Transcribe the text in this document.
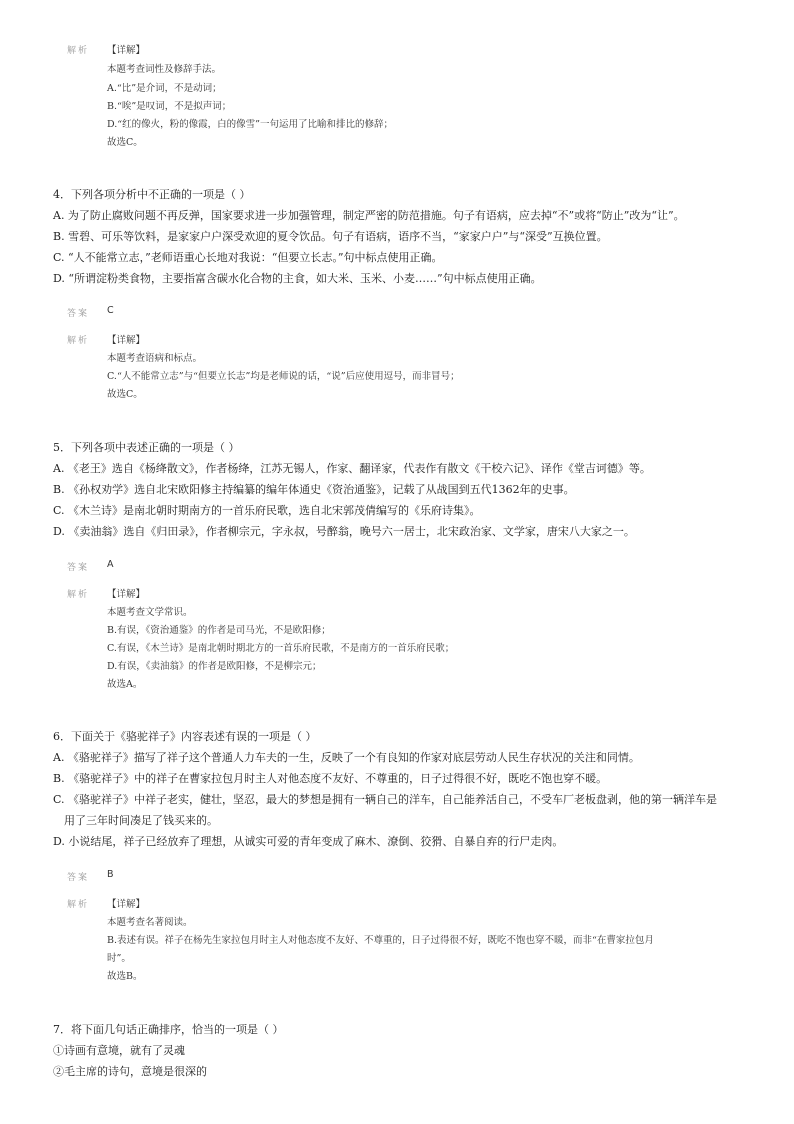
解析 【详解】
本题考查词性及修辞手法。
A.“比”是介词，不是动词；
B.“唉”是叹词，不是拟声词；
D.“红的像火，粉的像霞，白的像雪”一句运用了比喻和排比的修辞；
故选C。
4．下列各项分析中不正确的一项是（ ）
A. 为了防止腐败问题不再反弹，国家要求进一步加强管理，制定严密的防范措施。句子有语病，应去掉“不”或将“防止”改为“让”。
B. 雪碧、可乐等饮料，是家家户户深受欢迎的夏令饮品。句子有语病，语序不当，“家家户户”与“深受”互换位置。
C. “人不能常立志，”老师语重心长地对我说：“但要立长志。”句中标点使用正确。
D. “所谓淀粉类食物，主要指富含碳水化合物的主食，如大米、玉米、小麦……”句中标点使用正确。
答案 C
解析 【详解】
本题考查语病和标点。
C.“人不能常立志”与“但要立长志”均是老师说的话，“说”后应使用逗号，而非冒号；
故选C。
5．下列各项中表述正确的一项是（ ）
A. 《老王》选自《杨绛散文》，作者杨绛，江苏无锡人，作家、翻译家，代表作有散文《干校六记》、译作《堂吉诃德》等。
B. 《孙权劝学》选自北宋欧阳修主持编纂的编年体通史《资治通鉴》，记载了从战国到五代1362年的史事。
C. 《木兰诗》是南北朝时期南方的一首乐府民歌，选自北宋郭茂倩编写的《乐府诗集》。
D. 《卖油翁》选自《归田录》，作者柳宗元，字永叔，号醉翁，晚号六一居士，北宋政治家、文学家，唐宋八大家之一。
答案 A
解析 【详解】
本题考查文学常识。
B.有误，《资治通鉴》的作者是司马光，不是欧阳修；
C.有误，《木兰诗》是南北朝时期北方的一首乐府民歌，不是南方的一首乐府民歌；
D.有误，《卖油翁》的作者是欧阳修，不是柳宗元；
故选A。
6．下面关于《骆驼祥子》内容表述有误的一项是（ ）
A. 《骆驼祥子》描写了祥子这个普通人力车夫的一生，反映了一个有良知的作家对底层劳动人民生存状况的关注和同情。
B. 《骆驼祥子》中的祥子在曹家拉包月时主人对他态度不友好、不尊重的，日子过得很不好，既吃不饱也穿不暖。
C. 《骆驼祥子》中祥子老实，健壮，坚忍，最大的梦想是拥有一辆自己的洋车，自己能养活自己，不受车厂老板盘剥，他的第一辆洋车是
用了三年时间凑足了钱买来的。
D. 小说结尾，祥子已经放弃了理想，从诚实可爱的青年变成了麻木、潦倒、狡猾、自暴自弃的行尸走肉。
答案 B
解析 【详解】
本题考查名著阅读。
B.表述有误。祥子在杨先生家拉包月时主人对他态度不友好、不尊重的，日子过得很不好，既吃不饱也穿不暖，而非“在曹家拉包月
时”。
故选B。
7．将下面几句话正确排序，恰当的一项是（ ）
①诗画有意境，就有了灵魂
②毛主席的诗句，意境是很深的
